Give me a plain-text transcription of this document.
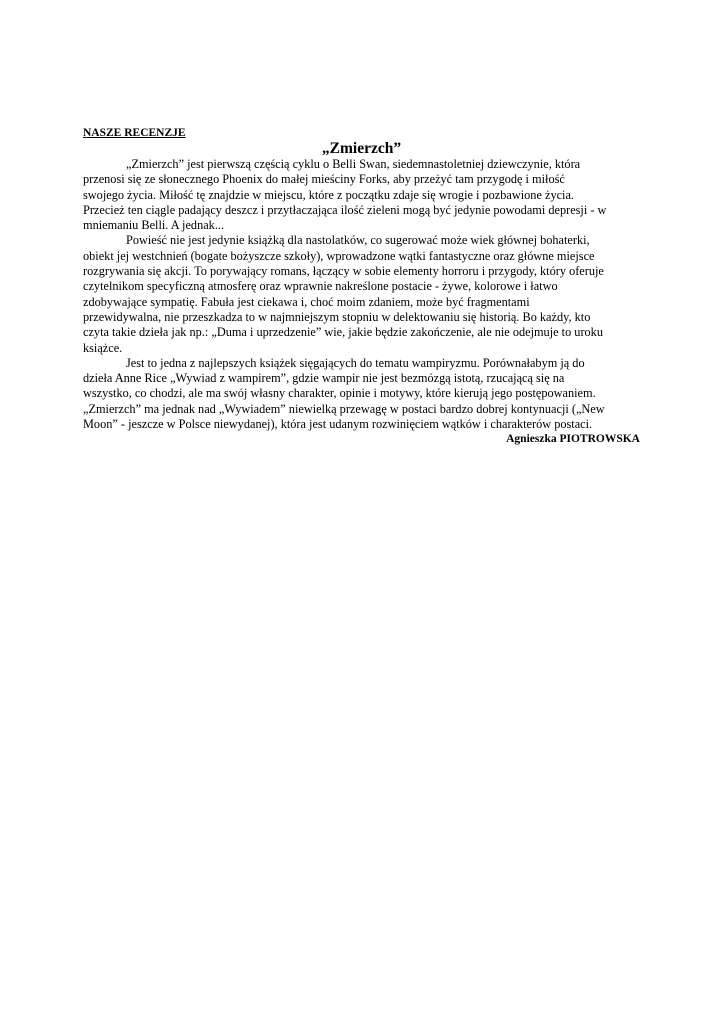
NASZE RECENZJE

„Zmierzch”

„Zmierzch” jest pierwszą częścią cyklu o Belli Swan, siedemnastoletniej dziewczynie, która
przenosi się ze słonecznego Phoenix do małej mieściny Forks, aby przeżyć tam przygodę i miłość
swojego życia. Miłość tę znajdzie w miejscu, które z początku zdaje się wrogie i pozbawione życia.
Przecież ten ciągle padający deszcz i przytłaczająca ilość zieleni mogą być jedynie powodami depresji - w
mniemaniu Belli. A jednak...

Powieść nie jest jedynie książką dla nastolatków, co sugerować może wiek głównej bohaterki,
obiekt jej westchnień (bogate bożyszcze szkoły), wprowadzone wątki fantastyczne oraz główne miejsce
rozgrywania się akcji. To porywający romans, łączący w sobie elementy horroru i przygody, który oferuje
czytelnikom specyficzną atmosferę oraz wprawnie nakreślone postacie - żywe, kolorowe i łatwo
zdobywające sympatię. Fabuła jest ciekawa i, choć moim zdaniem, może być fragmentami
przewidywalna, nie przeszkadza to w najmniejszym stopniu w delektowaniu się historią. Bo każdy, kto
czyta takie dzieła jak np.: „Duma i uprzedzenie” wie, jakie będzie zakończenie, ale nie odejmuje to uroku
książce.

Jest to jedna z najlepszych książek sięgających do tematu wampiryzmu. Porównałabym ją do
dzieła Anne Rice „Wywiad z wampirem”, gdzie wampir nie jest bezmózgą istotą, rzucającą się na
wszystko, co chodzi, ale ma swój własny charakter, opinie i motywy, które kierują jego postępowaniem.
„Zmierzch” ma jednak nad „Wywiadem” niewielką przewagę w postaci bardzo dobrej kontynuacji („New
Moon” - jeszcze w Polsce niewydanej), która jest udanym rozwinięciem wątków i charakterów postaci.

Agnieszka PIOTROWSKA
